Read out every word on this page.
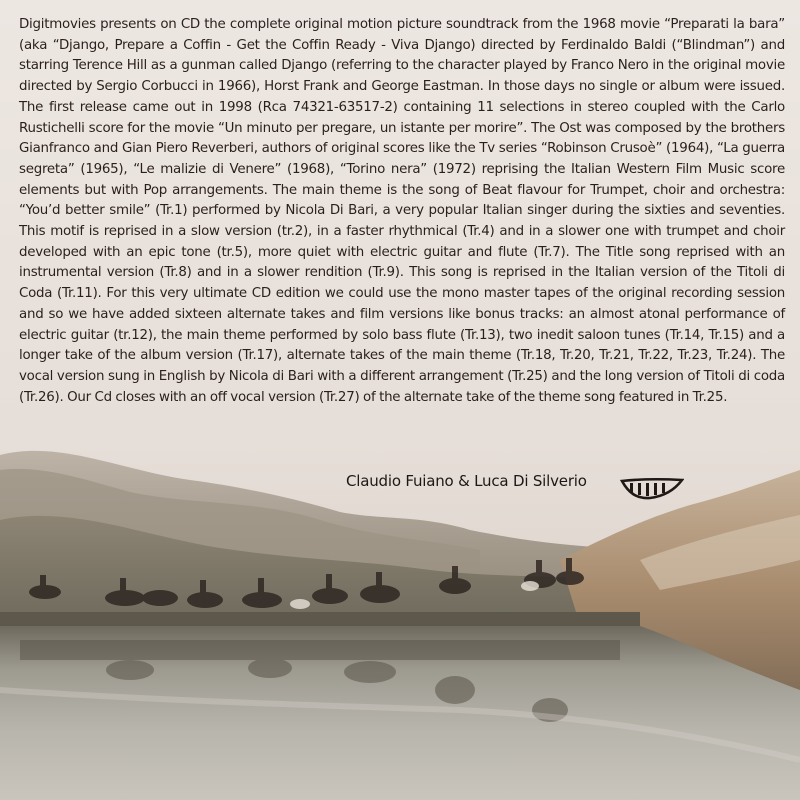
Digitmovies presents on CD the complete original motion picture soundtrack from the 1968 movie “Preparati la bara” (aka “Django, Prepare a Coffin - Get the Coffin Ready - Viva Django) directed by Ferdinaldo Baldi (“Blindman”) and starring Terence Hill as a gunman called Django (referring to the character played by Franco Nero in the original movie directed by Sergio Corbucci in 1966), Horst Frank and George Eastman. In those days no single or album were issued. The first release came out in 1998 (Rca 74321-63517-2) containing 11 selections in stereo coupled with the Carlo Rustichelli score for the movie “Un minuto per pregare, un istante per morire”. The Ost was composed by the brothers Gianfranco and Gian Piero Reverberi, authors of original scores like the Tv series “Robinson Crusoè” (1964), “La guerra segreta” (1965), “Le malizie di Venere” (1968), “Torino nera” (1972) reprising the Italian Western Film Music score elements but with Pop arrangements. The main theme is the song of Beat flavour for Trumpet, choir and orchestra: “You’d better smile” (Tr.1) performed by Nicola Di Bari, a very popular Italian singer during the sixties and seventies. This motif is reprised in a slow version (tr.2), in a faster rhythmical (Tr.4) and in a slower one with trumpet and choir developed with an epic tone (tr.5), more quiet with electric guitar and flute (Tr.7). The Title song reprised with an instrumental version (Tr.8) and in a slower rendition (Tr.9). This song is reprised in the Italian version of the Titoli di Coda (Tr.11). For this very ultimate CD edition we could use the mono master tapes of the original recording session and so we have added sixteen alternate takes and film versions like bonus tracks: an almost atonal performance of electric guitar (tr.12), the main theme performed by solo bass flute (Tr.13), two inedit saloon tunes (Tr.14, Tr.15) and a longer take of the album version (Tr.17), alternate takes of the main theme (Tr.18, Tr.20, Tr.21, Tr.22, Tr.23, Tr.24). The vocal version sung in English by Nicola di Bari with a different arrangement (Tr.25) and the long version of Titoli di coda (Tr.26). Our Cd closes with an off vocal version (Tr.27) of the alternate take of the theme song featured in Tr.25.

Claudio Fuiano & Luca Di Silverio
